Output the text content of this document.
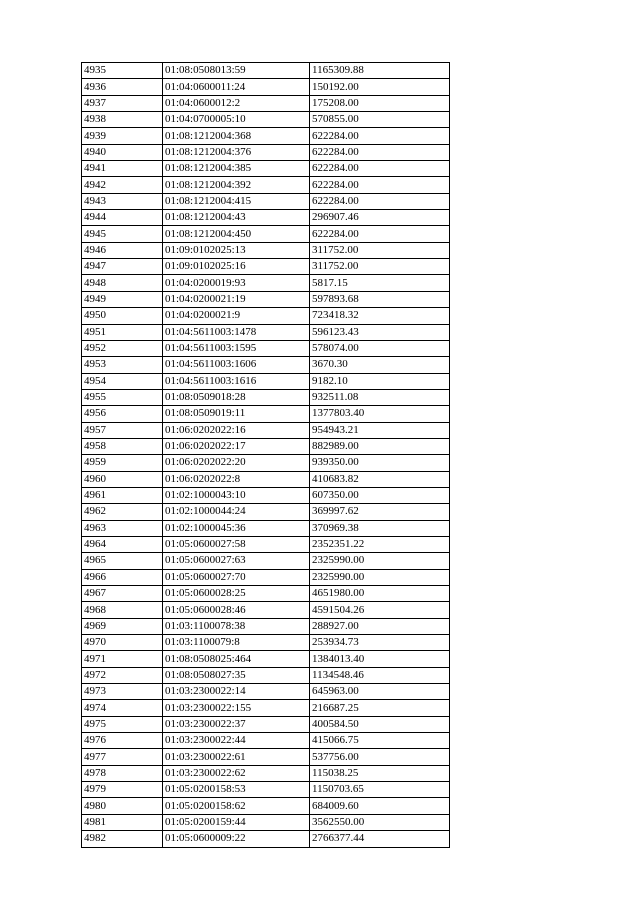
4935	01:08:0508013:59	1165309.88
4936	01:04:0600011:24	150192.00
4937	01:04:0600012:2	175208.00
4938	01:04:0700005:10	570855.00
4939	01:08:1212004:368	622284.00
4940	01:08:1212004:376	622284.00
4941	01:08:1212004:385	622284.00
4942	01:08:1212004:392	622284.00
4943	01:08:1212004:415	622284.00
4944	01:08:1212004:43	296907.46
4945	01:08:1212004:450	622284.00
4946	01:09:0102025:13	311752.00
4947	01:09:0102025:16	311752.00
4948	01:04:0200019:93	5817.15
4949	01:04:0200021:19	597893.68
4950	01:04:0200021:9	723418.32
4951	01:04:5611003:1478	596123.43
4952	01:04:5611003:1595	578074.00
4953	01:04:5611003:1606	3670.30
4954	01:04:5611003:1616	9182.10
4955	01:08:0509018:28	932511.08
4956	01:08:0509019:11	1377803.40
4957	01:06:0202022:16	954943.21
4958	01:06:0202022:17	882989.00
4959	01:06:0202022:20	939350.00
4960	01:06:0202022:8	410683.82
4961	01:02:1000043:10	607350.00
4962	01:02:1000044:24	369997.62
4963	01:02:1000045:36	370969.38
4964	01:05:0600027:58	2352351.22
4965	01:05:0600027:63	2325990.00
4966	01:05:0600027:70	2325990.00
4967	01:05:0600028:25	4651980.00
4968	01:05:0600028:46	4591504.26
4969	01:03:1100078:38	288927.00
4970	01:03:1100079:8	253934.73
4971	01:08:0508025:464	1384013.40
4972	01:08:0508027:35	1134548.46
4973	01:03:2300022:14	645963.00
4974	01:03:2300022:155	216687.25
4975	01:03:2300022:37	400584.50
4976	01:03:2300022:44	415066.75
4977	01:03:2300022:61	537756.00
4978	01:03:2300022:62	115038.25
4979	01:05:0200158:53	1150703.65
4980	01:05:0200158:62	684009.60
4981	01:05:0200159:44	3562550.00
4982	01:05:0600009:22	2766377.44
